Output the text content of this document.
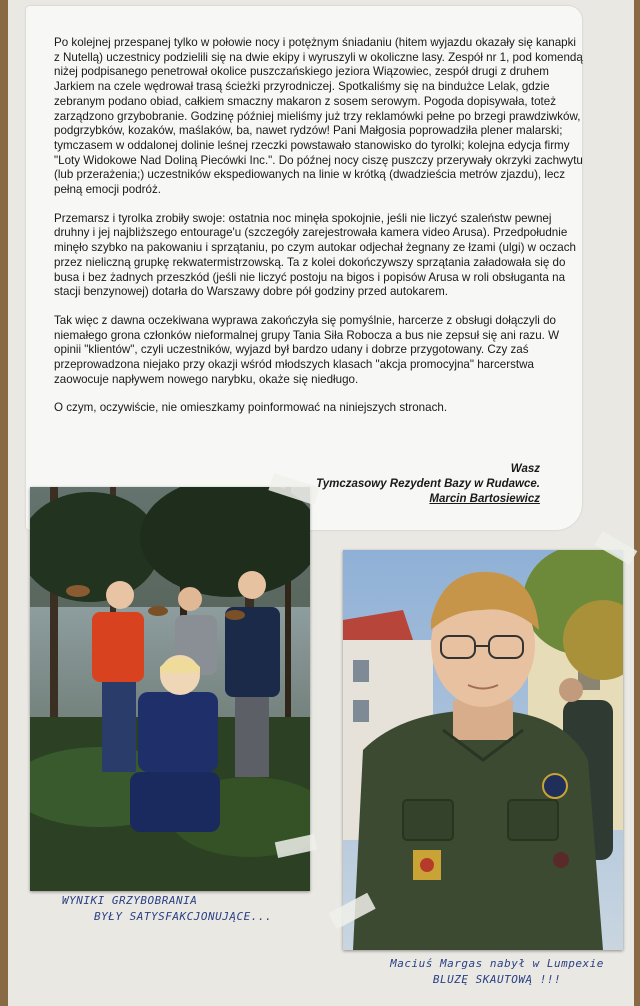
Po kolejnej przespanej tylko w połowie nocy i potężnym śniadaniu (hitem wyjazdu okazały się kanapki z Nutellą) uczestnicy podzielili się na dwie ekipy i wyruszyli w okoliczne lasy. Zespół nr 1, pod komendą niżej podpisanego penetrował okolice puszczańskiego jeziora Wiązowiec, zespół drugi z druhem Jarkiem na czele wędrował trasą ścieżki przyrodniczej. Spotkaliśmy się na bindużce Lelak, gdzie zebranym podano obiad, całkiem smaczny makaron z sosem serowym. Pogoda dopisywała, toteż zarządzono grzybobranie. Godzinę później mieliśmy już trzy reklamówki pełne po brzegi prawdziwków, podgrzybków, kozaków, maślaków, ba, nawet rydzów! Pani Małgosia poprowadziła plener malarski; tymczasem w oddalonej dolinie leśnej rzeczki powstawało stanowisko do tyrolki; kolejna edycja firmy "Loty Widokowe Nad Doliną Piecówki Inc.". Do późnej nocy ciszę puszczy przerywały okrzyki zachwytu (lub przerażenia;) uczestników ekspediowanych na linie w krótką (dwadzieścia metrów zjazdu), lecz pełną emocji podróż.

Przemarsz i tyrolka zrobiły swoje: ostatnia noc minęła spokojnie, jeśli nie liczyć szaleństw pewnej druhny i jej najbliższego entourage'u (szczegóły zarejestrowała kamera video Arusa). Przedpołudnie minęło szybko na pakowaniu i sprzątaniu, po czym autokar odjechał żegnany ze łzami (ulgi) w oczach przez nieliczną grupkę rekwatermistrzowską. Ta z kolei dokończywszy sprzątania załadowała się do busa i bez żadnych przeszkód (jeśli nie liczyć postoju na bigos i popisów Arusa w roli obsługanta na stacji benzynowej) dotarła do Warszawy dobre pół godziny przed autokarem.

Tak więc z dawna oczekiwana wyprawa zakończyła się pomyślnie, harcerze z obsługi dołączyli do niemałego grona członków nieformalnej grupy Tania Siła Robocza a bus nie zepsuł się ani razu. W opinii "klientów", czyli uczestników, wyjazd był bardzo udany i dobrze przygotowany. Czy zaś przeprowadzona niejako przy okazji wśród młodszych klasach "akcja promocyjna" harcerstwa zaowocuje napływem nowego narybku, okaże się niedługo.

O czym, oczywiście, nie omieszkamy poinformować na niniejszych stronach.

Wasz
Tymczasowy Rezydent Bazy w Rudawce.
Marcin Bartosiewicz
WYNIKI GRZYBOBRANIA
BYŁY SATYSFAKCJONUJĄCE...
Maciuś Margas nabył w Lumpexie
BLUZĘ SKAUTOWĄ !!!
